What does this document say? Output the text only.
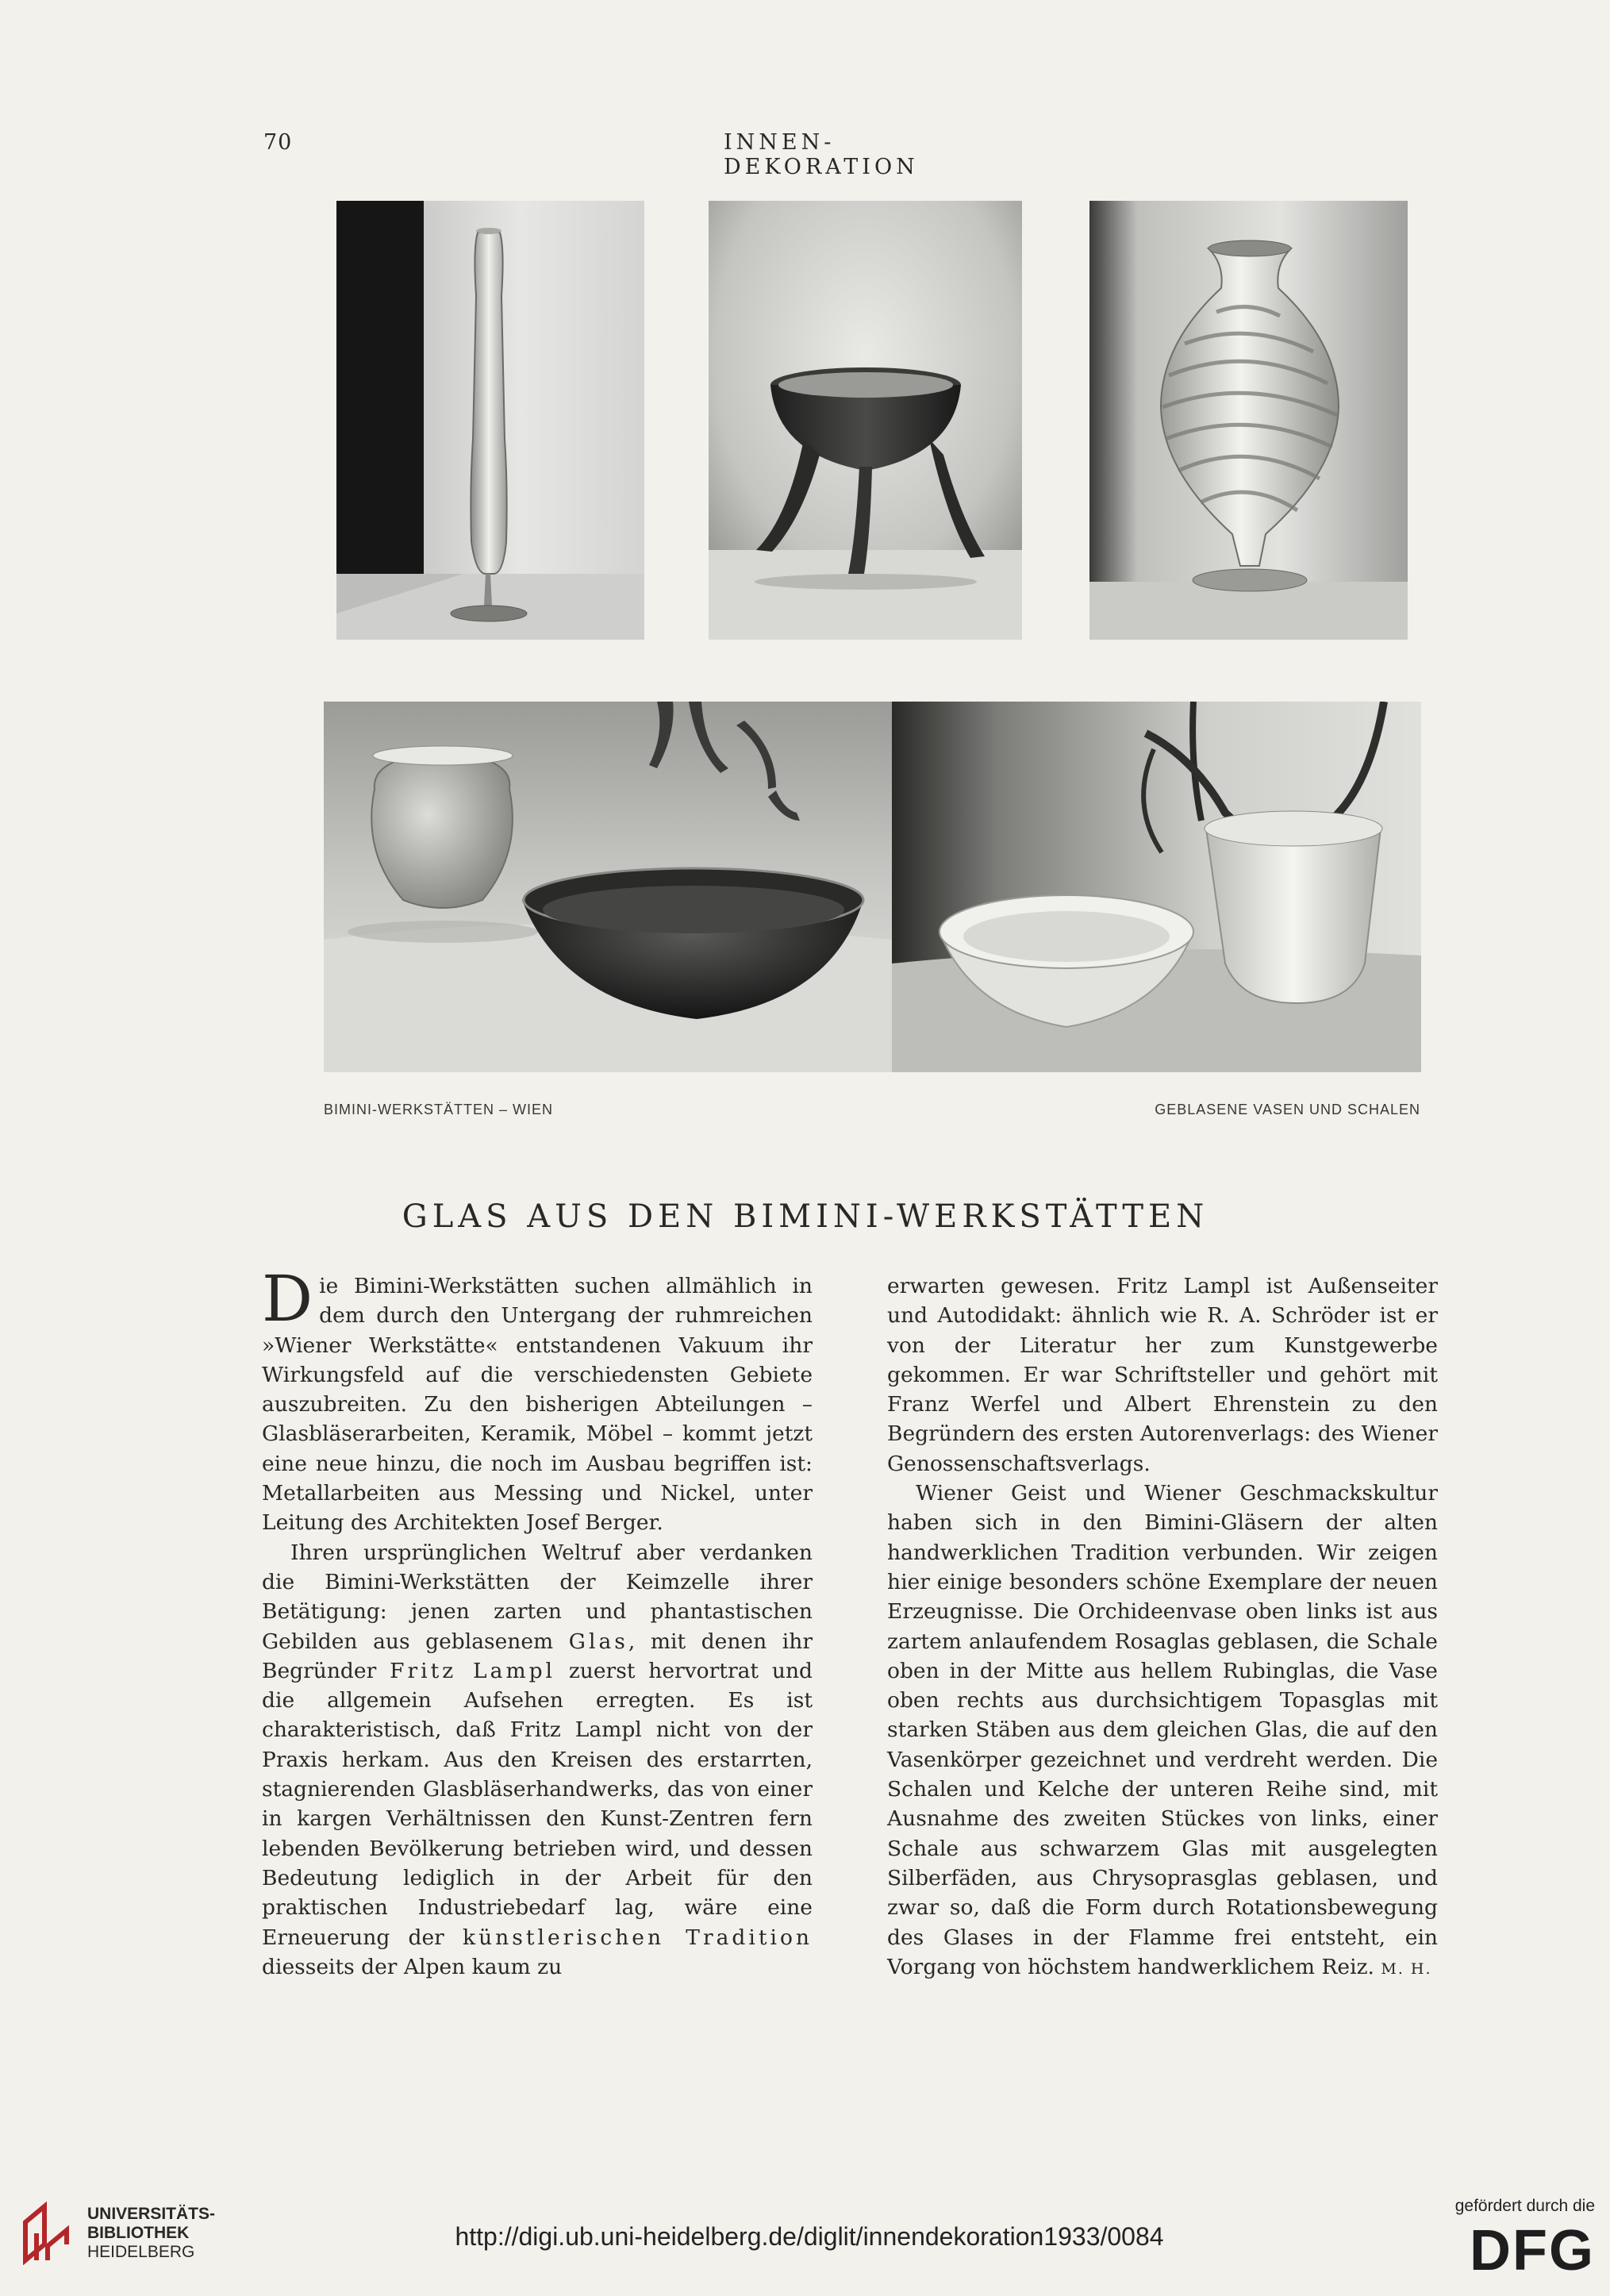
70	INNEN-DEKORATION
BIMINI-WERKSTÄTTEN – WIEN	GEBLASENE VASEN UND SCHALEN
GLAS AUS DEN BIMINI-WERKSTÄTTEN

Die Bimini-Werkstätten suchen allmählich in dem durch den Untergang der ruhmreichen »Wiener Werkstätte« entstandenen Vakuum ihr Wirkungsfeld auf die verschiedensten Gebiete auszubreiten. Zu den bisherigen Abteilungen – Glasbläserarbeiten, Keramik, Möbel – kommt jetzt eine neue hinzu, die noch im Ausbau begriffen ist: Metallarbeiten aus Messing und Nickel, unter Leitung des Architekten Josef Berger.

Ihren ursprünglichen Weltruf aber verdanken die Bimini-Werkstätten der Keimzelle ihrer Betätigung: jenen zarten und phantastischen Gebilden aus geblasenem Glas, mit denen ihr Begründer Fritz Lampl zuerst hervortrat und die allgemein Aufsehen erregten. Es ist charakteristisch, daß Fritz Lampl nicht von der Praxis herkam. Aus den Kreisen des erstarrten, stagnierenden Glasbläserhandwerks, das von einer in kargen Verhältnissen den Kunst-Zentren fern lebenden Bevölkerung betrieben wird, und dessen Bedeutung lediglich in der Arbeit für den praktischen Industriebedarf lag, wäre eine Erneuerung der künstlerischen Tradition diesseits der Alpen kaum zu

erwarten gewesen. Fritz Lampl ist Außenseiter und Autodidakt: ähnlich wie R. A. Schröder ist er von der Literatur her zum Kunstgewerbe gekommen. Er war Schriftsteller und gehört mit Franz Werfel und Albert Ehrenstein zu den Begründern des ersten Autorenverlags: des Wiener Genossenschaftsverlags.

Wiener Geist und Wiener Geschmackskultur haben sich in den Bimini-Gläsern der alten handwerklichen Tradition verbunden. Wir zeigen hier einige besonders schöne Exemplare der neuen Erzeugnisse. Die Orchideenvase oben links ist aus zartem anlaufendem Rosaglas geblasen, die Schale oben in der Mitte aus hellem Rubinglas, die Vase oben rechts aus durchsichtigem Topasglas mit starken Stäben aus dem gleichen Glas, die auf den Vasenkörper gezeichnet und verdreht werden. Die Schalen und Kelche der unteren Reihe sind, mit Ausnahme des zweiten Stückes von links, einer Schale aus schwarzem Glas mit ausgelegten Silberfäden, aus Chrysoprasglas geblasen, und zwar so, daß die Form durch Rotationsbewegung des Glases in der Flamme frei entsteht, ein Vorgang von höchstem handwerklichem Reiz. M. H.

UNIVERSITÄTS-
BIBLIOTHEK
HEIDELBERG
http://digi.ub.uni-heidelberg.de/diglit/innendekoration1933/0084
gefördert durch die
DFG
